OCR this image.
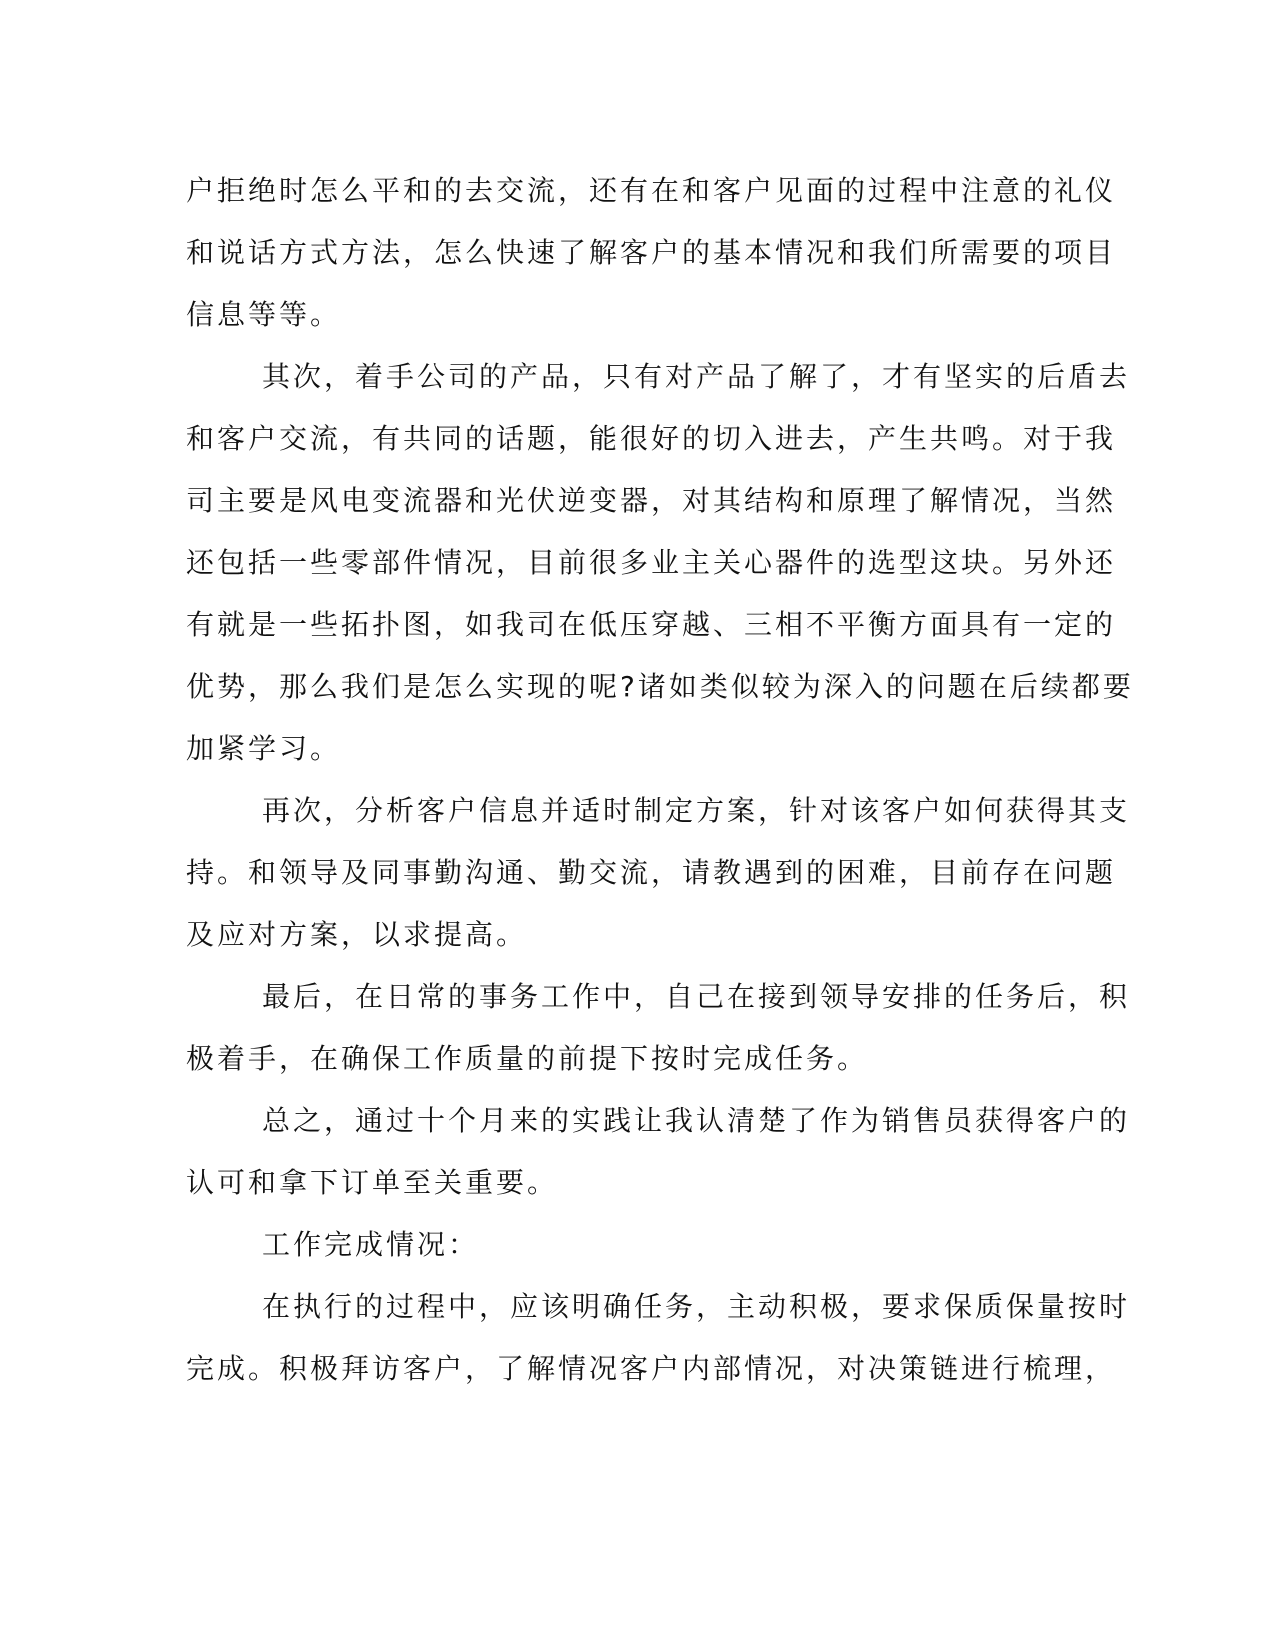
户拒绝时怎么平和的去交流，还有在和客户见面的过程中注意的礼仪
和说话方式方法，怎么快速了解客户的基本情况和我们所需要的项目
信息等等。
其次，着手公司的产品，只有对产品了解了，才有坚实的后盾去
和客户交流，有共同的话题，能很好的切入进去，产生共鸣。对于我
司主要是风电变流器和光伏逆变器，对其结构和原理了解情况，当然
还包括一些零部件情况，目前很多业主关心器件的选型这块。另外还
有就是一些拓扑图，如我司在低压穿越、三相不平衡方面具有一定的
优势，那么我们是怎么实现的呢?诸如类似较为深入的问题在后续都要
加紧学习。
再次，分析客户信息并适时制定方案，针对该客户如何获得其支
持。和领导及同事勤沟通、勤交流，请教遇到的困难，目前存在问题
及应对方案，以求提高。
最后，在日常的事务工作中，自己在接到领导安排的任务后，积
极着手，在确保工作质量的前提下按时完成任务。
总之，通过十个月来的实践让我认清楚了作为销售员获得客户的
认可和拿下订单至关重要。
工作完成情况：
在执行的过程中，应该明确任务，主动积极，要求保质保量按时
完成。积极拜访客户，了解情况客户内部情况，对决策链进行梳理，
